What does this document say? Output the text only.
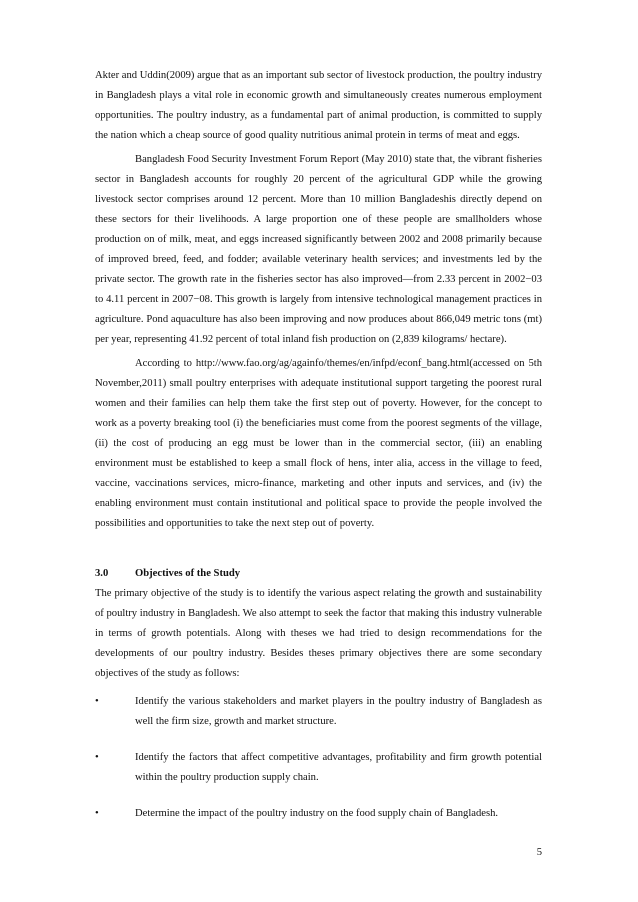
Akter and Uddin(2009) argue that as an important sub sector of livestock production, the poultry industry in Bangladesh plays a vital role in economic growth and simultaneously creates numerous employment opportunities. The poultry industry, as a fundamental part of animal production, is committed to supply the nation which a cheap source of good quality nutritious animal protein in terms of meat and eggs.

Bangladesh Food Security Investment Forum Report (May 2010) state that, the vibrant fisheries sector in Bangladesh accounts for roughly 20 percent of the agricultural GDP while the growing livestock sector comprises around 12 percent. More than 10 million Bangladeshis directly depend on these sectors for their livelihoods. A large proportion one of these people are smallholders whose production on of milk, meat, and eggs increased significantly between 2002 and 2008 primarily because of improved breed, feed, and fodder; available veterinary health services; and investments led by the private sector. The growth rate in the fisheries sector has also improved—from 2.33 percent in 2002−03 to 4.11 percent in 2007−08. This growth is largely from intensive technological management practices in agriculture. Pond aquaculture has also been improving and now produces about 866,049 metric tons (mt) per year, representing 41.92 percent of total inland fish production on (2,839 kilograms/ hectare).

According to http://www.fao.org/ag/againfo/themes/en/infpd/econf_bang.html(accessed on 5th November,2011) small poultry enterprises with adequate institutional support targeting the poorest rural women and their families can help them take the first step out of poverty. However, for the concept to work as a poverty breaking tool (i) the beneficiaries must come from the poorest segments of the village, (ii) the cost of producing an egg must be lower than in the commercial sector, (iii) an enabling environment must be established to keep a small flock of hens, inter alia, access in the village to feed, vaccine, vaccinations services, micro-finance, marketing and other inputs and services, and (iv) the enabling environment must contain institutional and political space to provide the people involved the possibilities and opportunities to take the next step out of poverty.

3.0	Objectives of the Study

The primary objective of the study is to identify the various aspect relating the growth and sustainability of poultry industry in Bangladesh. We also attempt to seek the factor that making this industry vulnerable in terms of growth potentials. Along with theses we had tried to design recommendations for the developments of our poultry industry. Besides theses primary objectives there are some secondary objectives of the study as follows:

•	Identify the various stakeholders and market players in the poultry industry of Bangladesh as well the firm size, growth and market structure.
•	Identify the factors that affect competitive advantages, profitability and firm growth potential within the poultry production supply chain.
•	Determine the impact of the poultry industry on the food supply chain of Bangladesh.
5
